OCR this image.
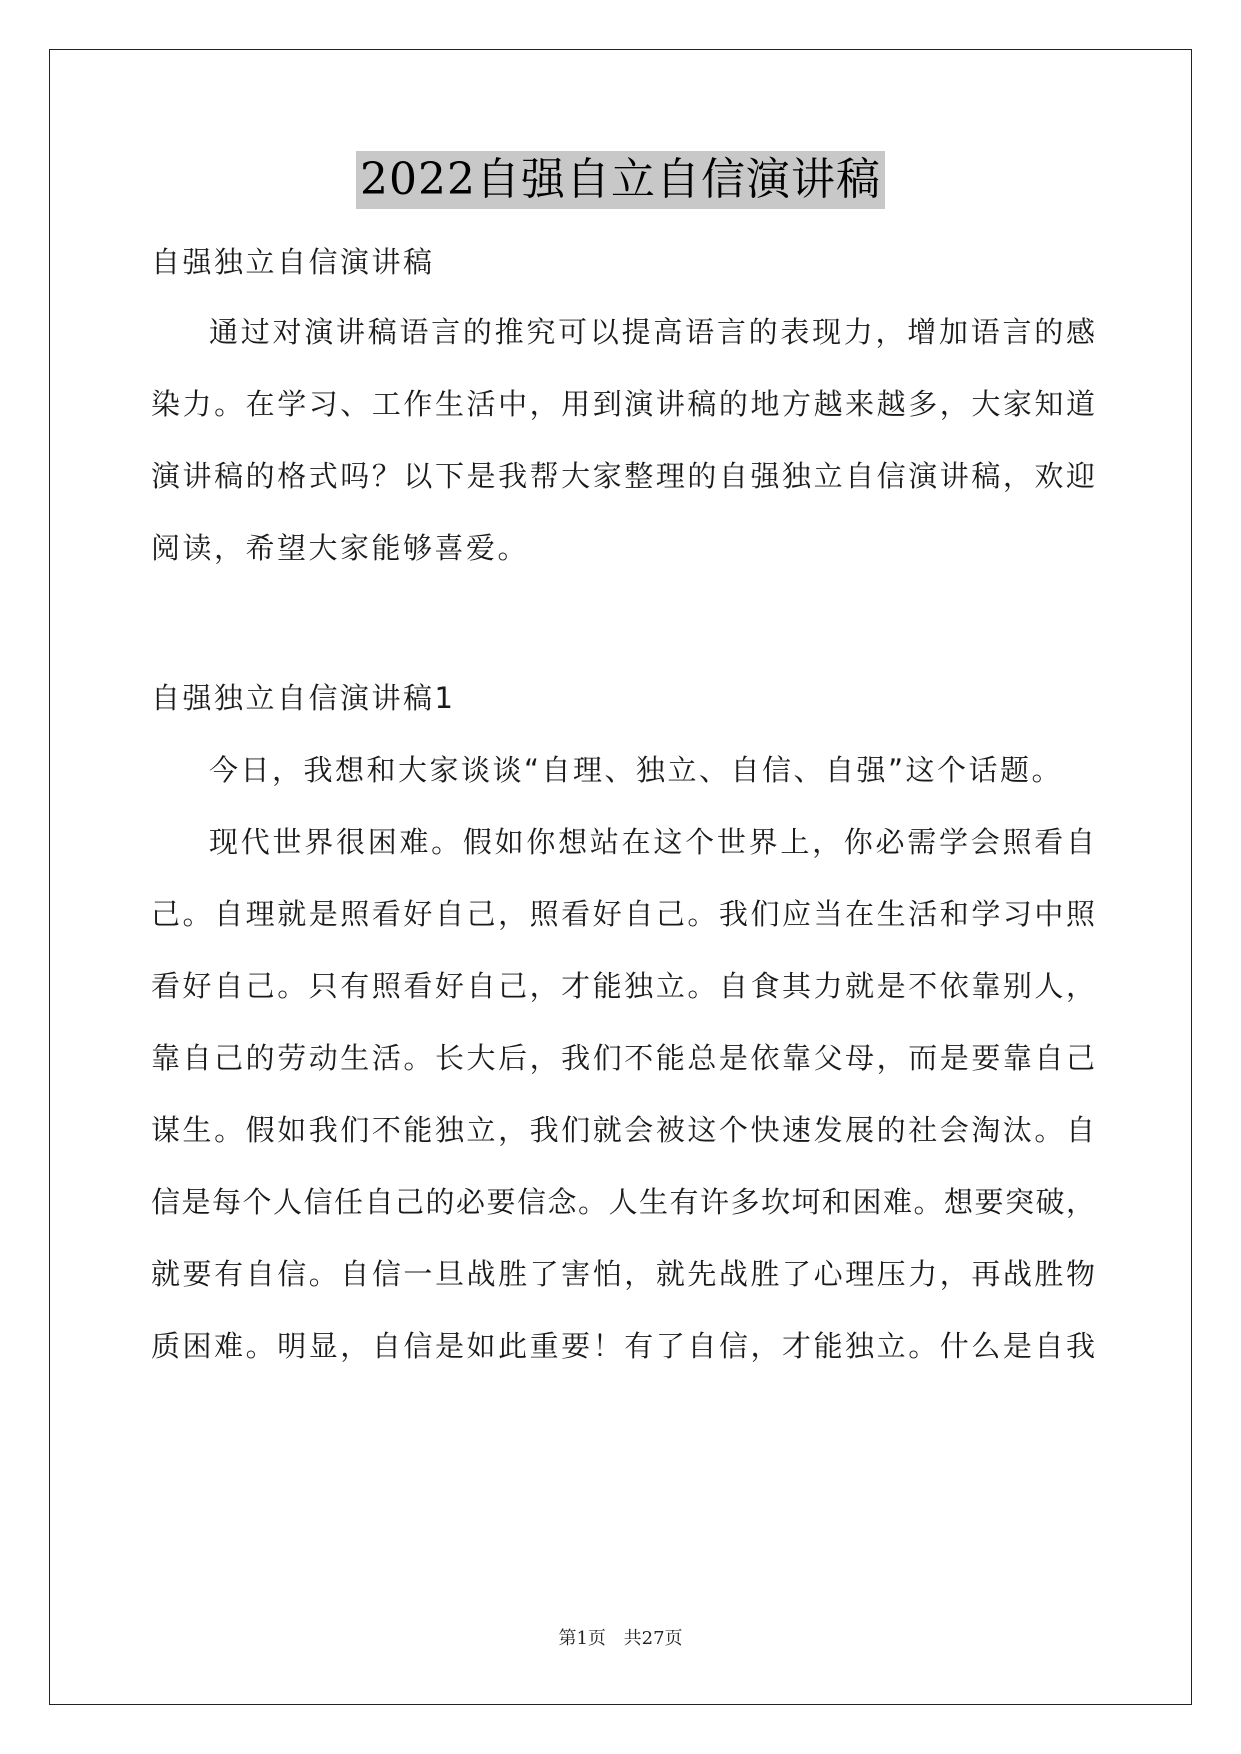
2022自强自立自信演讲稿

自强独立自信演讲稿

通过对演讲稿语言的推究可以提高语言的表现力，增加语言的感

染力。在学习、工作生活中，用到演讲稿的地方越来越多，大家知道

演讲稿的格式吗？以下是我帮大家整理的自强独立自信演讲稿，欢迎

阅读，希望大家能够喜爱。

自强独立自信演讲稿1

今日，我想和大家谈谈“自理、独立、自信、自强”这个话题。

现代世界很困难。假如你想站在这个世界上，你必需学会照看自

己。自理就是照看好自己，照看好自己。我们应当在生活和学习中照

看好自己。只有照看好自己，才能独立。自食其力就是不依靠别人，

靠自己的劳动生活。长大后，我们不能总是依靠父母，而是要靠自己

谋生。假如我们不能独立，我们就会被这个快速发展的社会淘汰。自

信是每个人信任自己的必要信念。人生有许多坎坷和困难。想要突破，

就要有自信。自信一旦战胜了害怕，就先战胜了心理压力，再战胜物

质困难。明显，自信是如此重要！有了自信，才能独立。什么是自我

第1页 共27页
